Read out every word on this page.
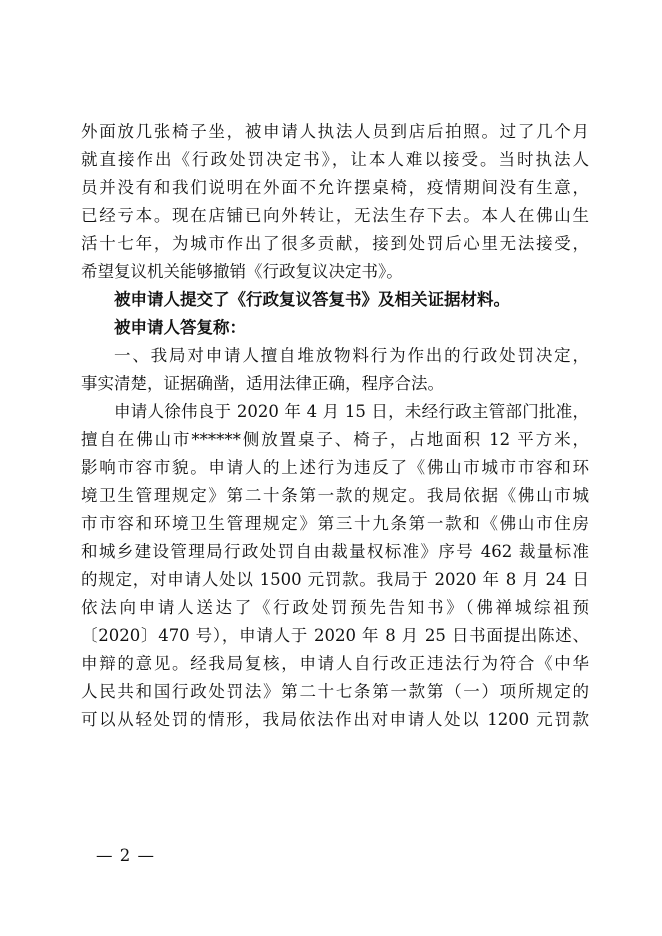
外面放几张椅子坐，被申请人执法人员到店后拍照。过了几个月
就直接作出《行政处罚决定书》，让本人难以接受。当时执法人
员并没有和我们说明在外面不允许摆桌椅，疫情期间没有生意，
已经亏本。现在店铺已向外转让，无法生存下去。本人在佛山生
活十七年，为城市作出了很多贡献，接到处罚后心里无法接受，
希望复议机关能够撤销《行政复议决定书》。
被申请人提交了《行政复议答复书》及相关证据材料。
被申请人答复称：
一、我局对申请人擅自堆放物料行为作出的行政处罚决定，
事实清楚，证据确凿，适用法律正确，程序合法。
申请人徐伟良于 2020 年 4 月 15 日，未经行政主管部门批准，
擅自在佛山市******侧放置桌子、椅子，占地面积 12 平方米，
影响市容市貌。申请人的上述行为违反了《佛山市城市市容和环
境卫生管理规定》第二十条第一款的规定。我局依据《佛山市城
市市容和环境卫生管理规定》第三十九条第一款和《佛山市住房
和城乡建设管理局行政处罚自由裁量权标准》序号 462 裁量标准
的规定，对申请人处以 1500 元罚款。我局于 2020 年 8 月 24 日
依法向申请人送达了《行政处罚预先告知书》（佛禅城综祖预
〔2020〕470 号），申请人于 2020 年 8 月 25 日书面提出陈述、
申辩的意见。经我局复核，申请人自行改正违法行为符合《中华
人民共和国行政处罚法》第二十七条第一款第（一）项所规定的
可以从轻处罚的情形，我局依法作出对申请人处以 1200 元罚款
— 2 —
